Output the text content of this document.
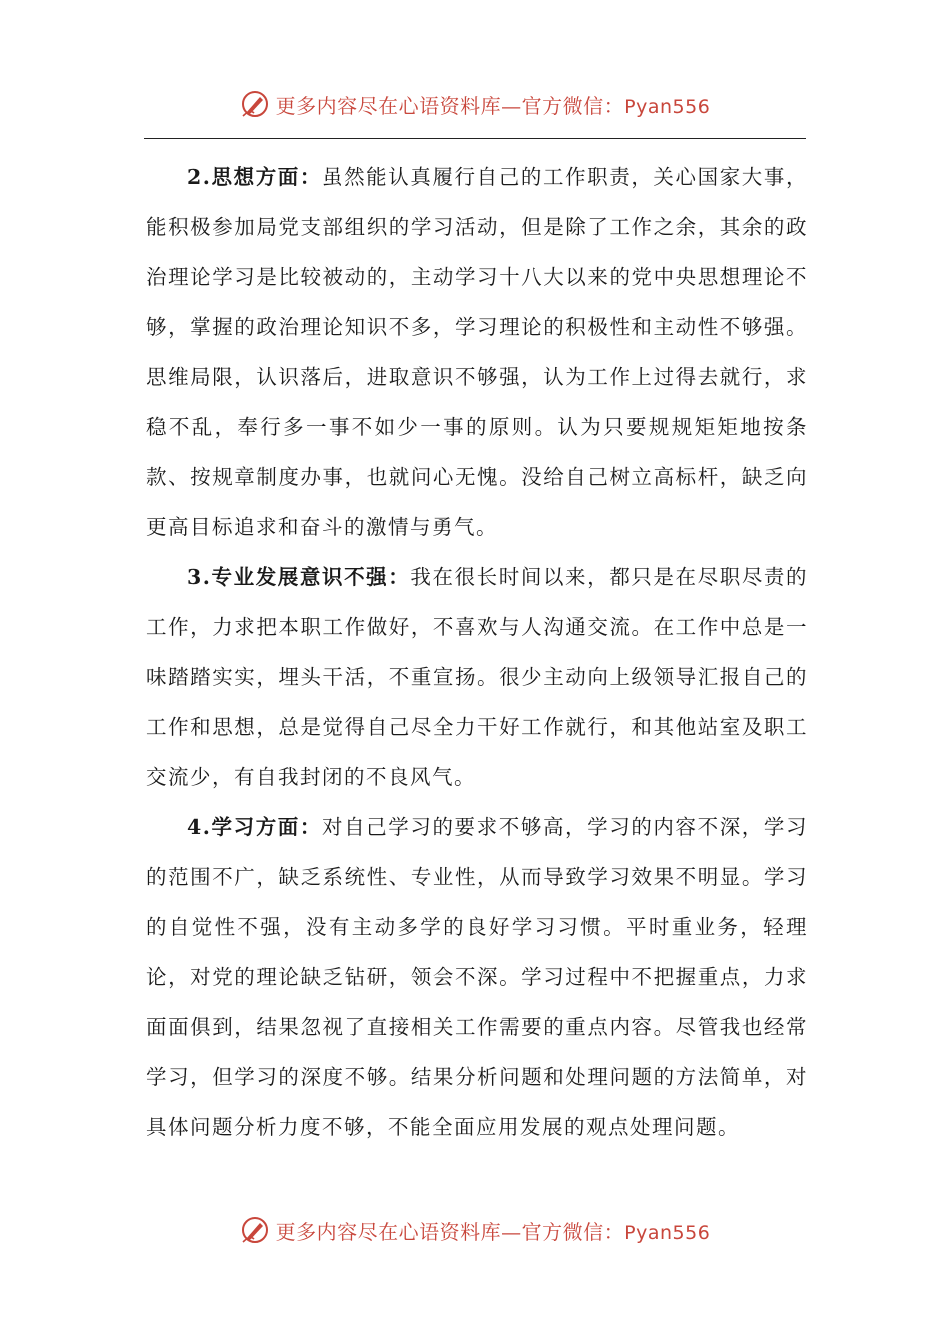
更多内容尽在心语资料库—官方微信：Pyan556

2.思想方面：虽然能认真履行自己的工作职责，关心国家大事，能积极参加局党支部组织的学习活动，但是除了工作之余，其余的政治理论学习是比较被动的，主动学习十八大以来的党中央思想理论不够，掌握的政治理论知识不多，学习理论的积极性和主动性不够强。思维局限，认识落后，进取意识不够强，认为工作上过得去就行，求稳不乱，奉行多一事不如少一事的原则。认为只要规规矩矩地按条款、按规章制度办事，也就问心无愧。没给自己树立高标杆，缺乏向更高目标追求和奋斗的激情与勇气。

3.专业发展意识不强：我在很长时间以来，都只是在尽职尽责的工作，力求把本职工作做好，不喜欢与人沟通交流。在工作中总是一味踏踏实实，埋头干活，不重宣扬。很少主动向上级领导汇报自己的工作和思想，总是觉得自己尽全力干好工作就行，和其他站室及职工交流少，有自我封闭的不良风气。

4.学习方面：对自己学习的要求不够高，学习的内容不深，学习的范围不广，缺乏系统性、专业性，从而导致学习效果不明显。学习的自觉性不强，没有主动多学的良好学习习惯。平时重业务，轻理论，对党的理论缺乏钻研，领会不深。学习过程中不把握重点，力求面面俱到，结果忽视了直接相关工作需要的重点内容。尽管我也经常学习，但学习的深度不够。结果分析问题和处理问题的方法简单，对具体问题分析力度不够，不能全面应用发展的观点处理问题。

更多内容尽在心语资料库—官方微信：Pyan556
